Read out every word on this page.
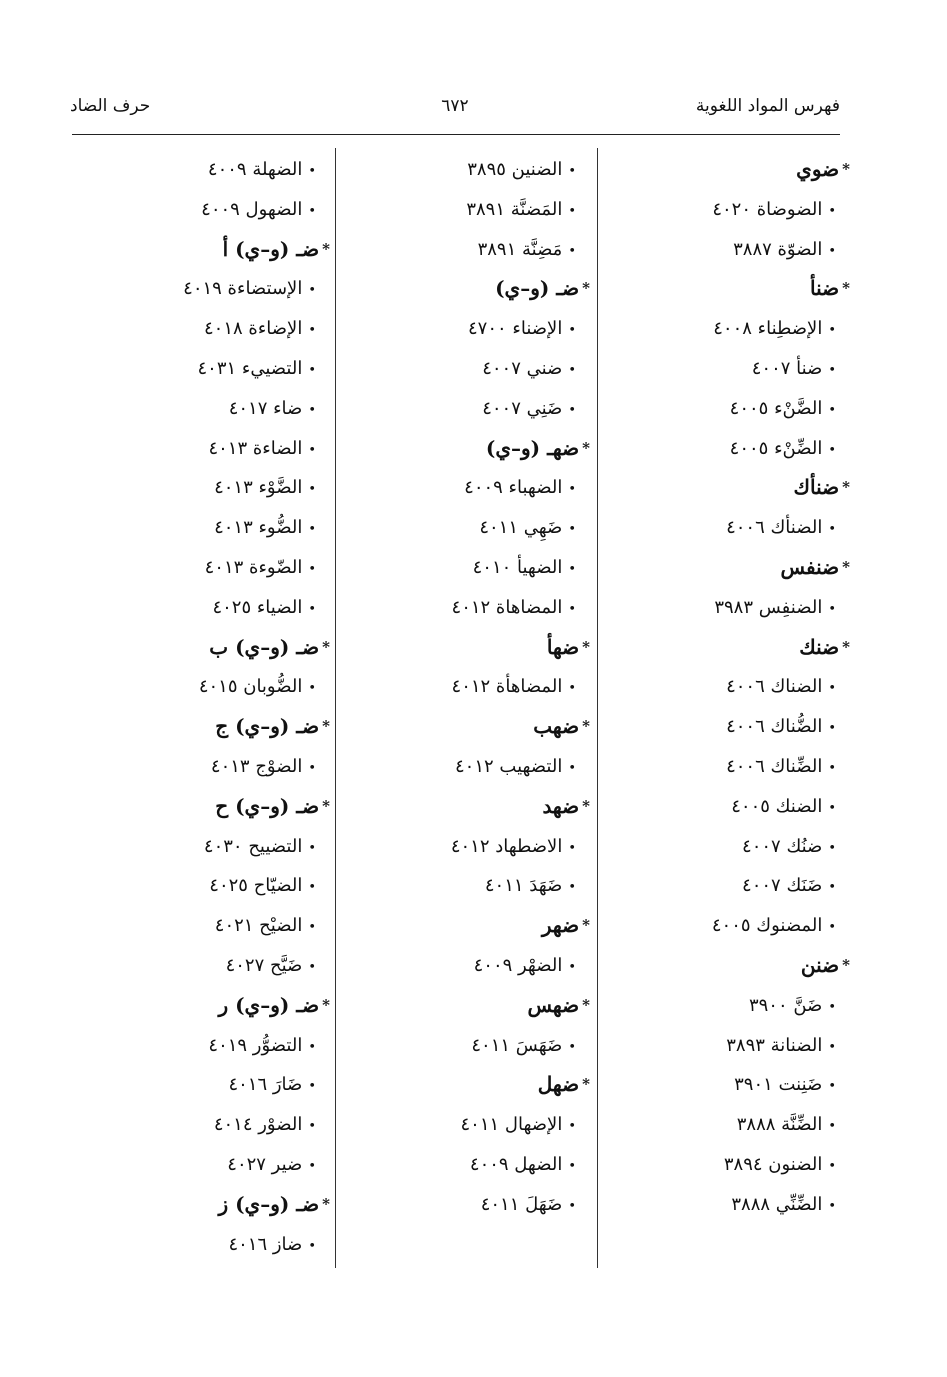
فهرس المواد اللغوية
٦٧٢
حرف الضاد
*ضوي
•الضوضاة ٤٠٢٠
•الضوّة ٣٨٨٧
*ضنأ
•الإضطِناء ٤٠٠٨
•ضنأ ٤٠٠٧
•الضَّنْء ٤٠٠٥
•الضِّنْء ٤٠٠٥
*ضنأك
•الضنأك ٤٠٠٦
*ضنفس
•الضنفِس ٣٩٨٣
*ضنك
•الضناك ٤٠٠٦
•الضُّناك ٤٠٠٦
•الضِّناك ٤٠٠٦
•الضنك ٤٠٠٥
•ضنُك ٤٠٠٧
•ضَنَك ٤٠٠٧
•المضنوك ٤٠٠٥
*ضنن
•ضَنَّ ٣٩٠٠
•الضنانة ٣٨٩٣
•ضَنِنت ٣٩٠١
•الضِّنَّة ٣٨٨٨
•الضنون ٣٨٩٤
•الضِّنِّي ٣٨٨٨
•الضنين ٣٨٩٥
•المَضنَّة ٣٨٩١
•مَضِنَّة ٣٨٩١
*ضـ (و–ي)
•الإضناء ٤٧٠٠
•ضني ٤٠٠٧
•ضَنِي ٤٠٠٧
*ضهـ (و–ي)
•الضهباء ٤٠٠٩
•ضَهِي ٤٠١١
•الضهيأ ٤٠١٠
•المضاهاة ٤٠١٢
*ضهأ
•المضاهأة ٤٠١٢
*ضهب
•التضهيب ٤٠١٢
*ضهد
•الاضطهاد ٤٠١٢
•ضَهَدَ ٤٠١١
*ضهر
•الضهْر ٤٠٠٩
*ضهس
•ضَهَسَ ٤٠١١
*ضهل
•الإضهال ٤٠١١
•الضهل ٤٠٠٩
•ضَهَلَ ٤٠١١
•الضهلة ٤٠٠٩
•الضهول ٤٠٠٩
*ضـ (و–ي) أ
•الإستضاءة ٤٠١٩
•الإضاءة ٤٠١٨
•التضييء ٤٠٣١
•ضاء ٤٠١٧
•الضاءة ٤٠١٣
•الضَّوْء ٤٠١٣
•الضُّوء ٤٠١٣
•الضّوءة ٤٠١٣
•الضياء ٤٠٢٥
*ضـ (و–ي) ب
•الضُّوبان ٤٠١٥
*ضـ (و–ي) ج
•الضوْج ٤٠١٣
*ضـ (و–ي) ح
•التضييح ٤٠٣٠
•الضيّاح ٤٠٢٥
•الضيْح ٤٠٢١
•ضَيَّح ٤٠٢٧
*ضـ (و–ي) ر
•التضوُّر ٤٠١٩
•ضَارَ ٤٠١٦
•الضوْر ٤٠١٤
•ضير ٤٠٢٧
*ضـ (و–ي) ز
•ضاز ٤٠١٦
